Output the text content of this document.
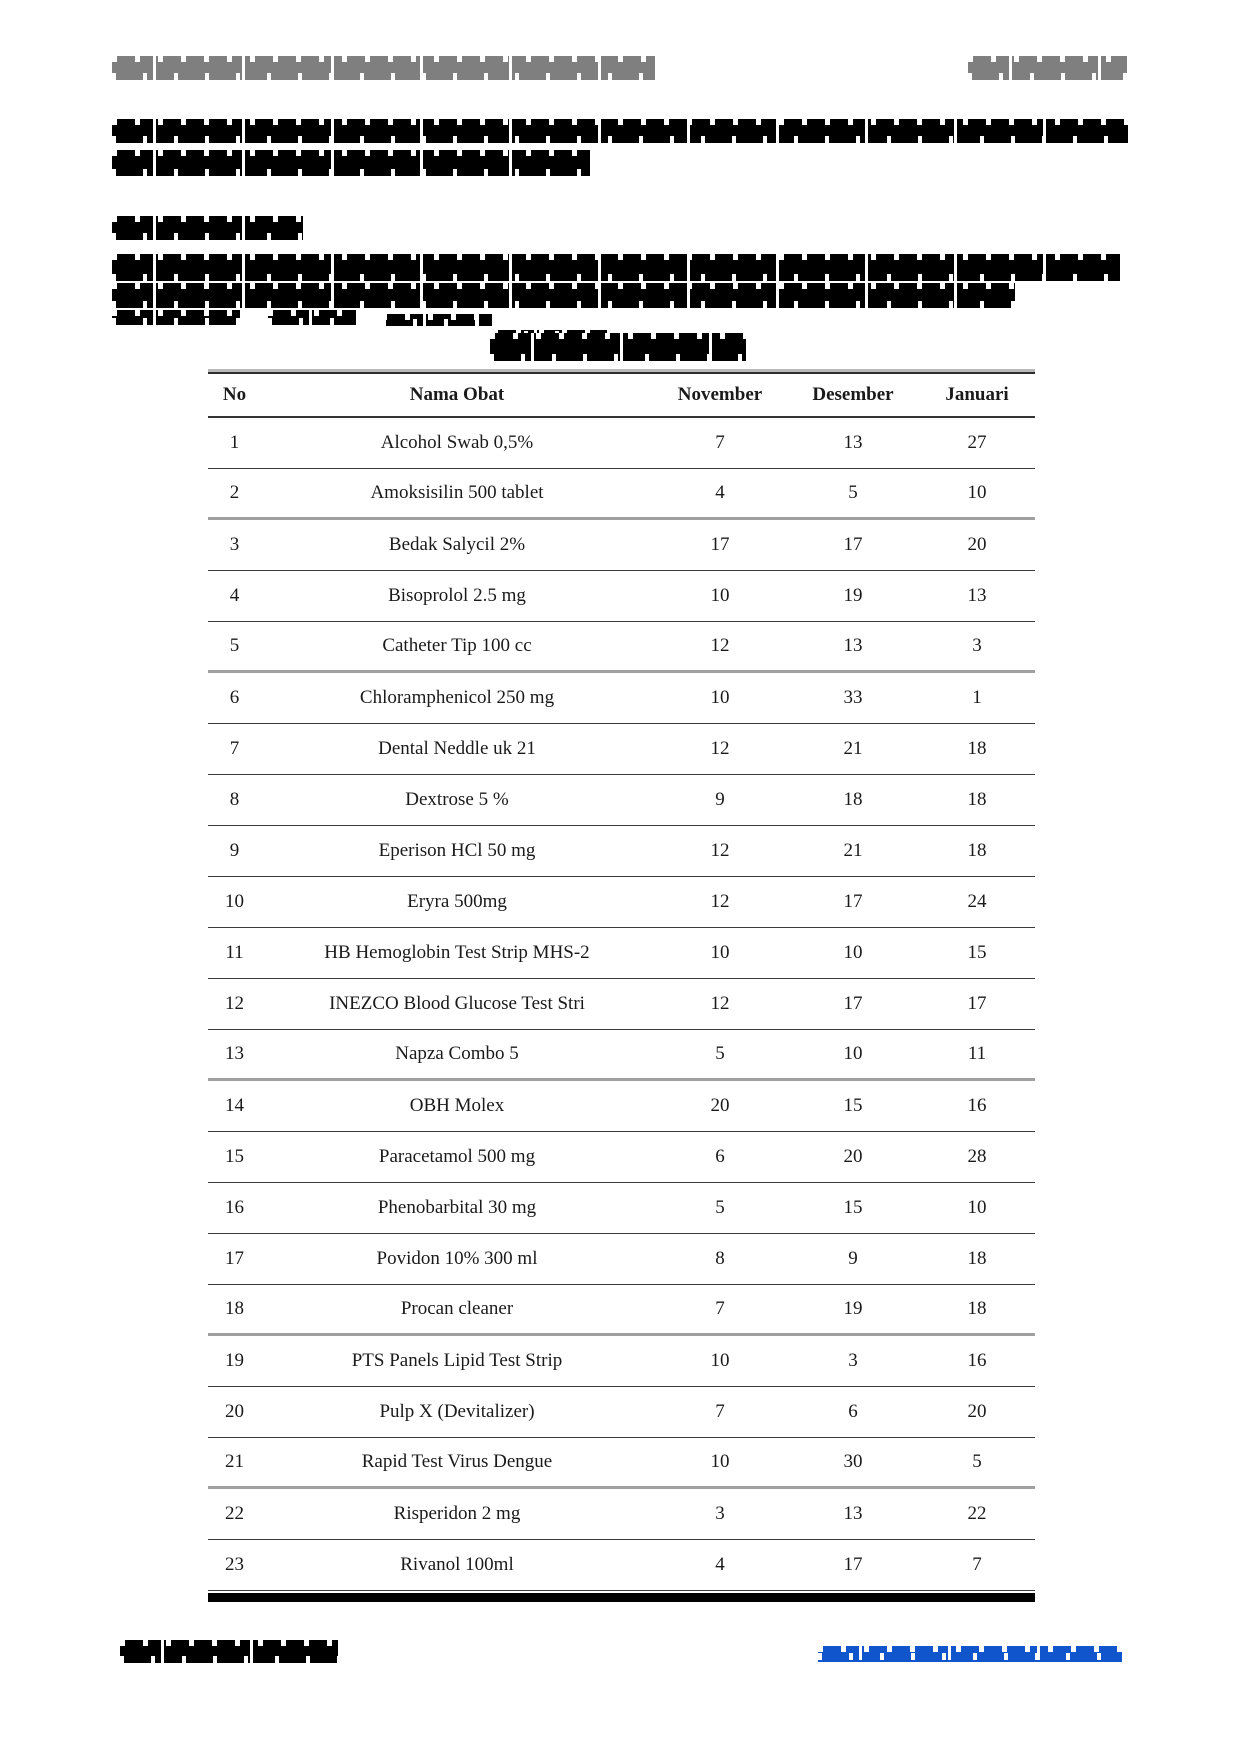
No	Nama Obat	November	Desember	Januari
1	Alcohol Swab 0,5%	7	13	27
2	Amoksisilin 500 tablet	4	5	10
3	Bedak Salycil 2%	17	17	20
4	Bisoprolol 2.5 mg	10	19	13
5	Catheter Tip 100 cc	12	13	3
6	Chloramphenicol 250 mg	10	33	1
7	Dental Neddle uk 21	12	21	18
8	Dextrose 5 %	9	18	18
9	Eperison HCl 50 mg	12	21	18
10	Eryra 500mg	12	17	24
11	HB Hemoglobin Test Strip MHS-2	10	10	15
12	INEZCO Blood Glucose Test Stri	12	17	17
13	Napza Combo 5	5	10	11
14	OBH Molex	20	15	16
15	Paracetamol 500 mg	6	20	28
16	Phenobarbital 30 mg	5	15	10
17	Povidon 10% 300 ml	8	9	18
18	Procan cleaner	7	19	18
19	PTS Panels Lipid Test Strip	10	3	16
20	Pulp X (Devitalizer)	7	6	20
21	Rapid Test Virus Dengue	10	30	5
22	Risperidon 2 mg	3	13	22
23	Rivanol 100ml	4	17	7
